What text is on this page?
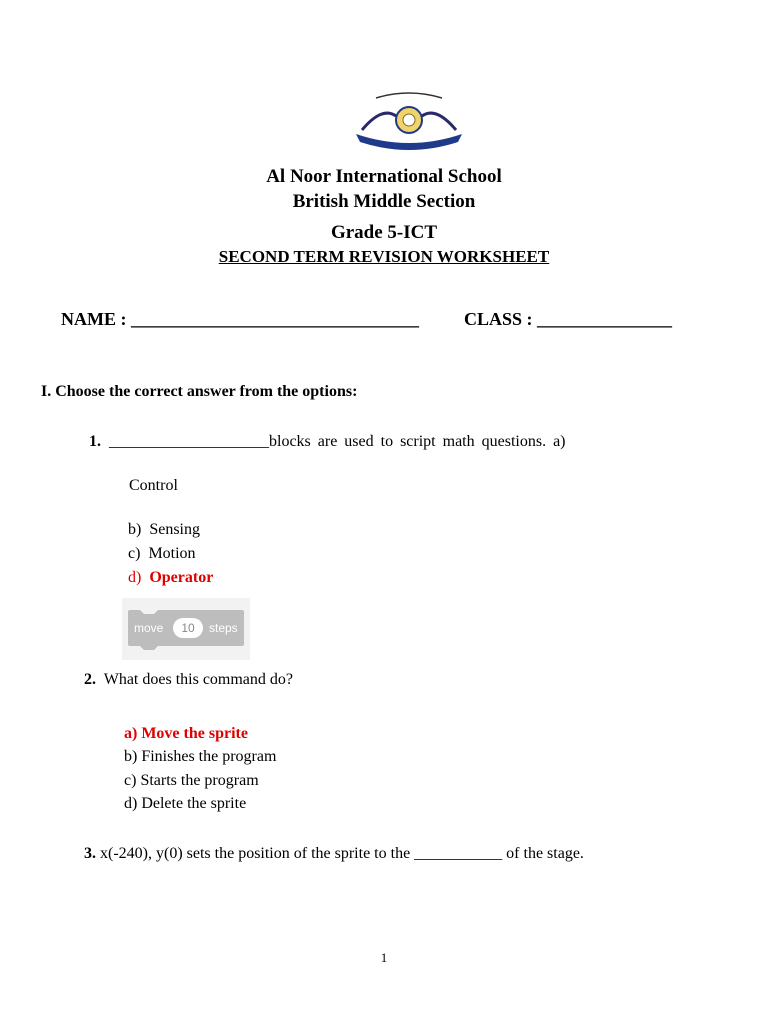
AL NOOR INTERNATIONAL SCHOOL
Al Noor International School
British Middle Section
Grade 5-ICT
SECOND TERM REVISION WORKSHEET
NAME : ________________________________	CLASS : _______________
I. Choose the correct answer from the options:
1. ____________________blocks are used to script math questions. a)
Control
b) Sensing
c) Motion
d) Operator
move	10	steps
2. What does this command do?
a) Move the sprite
b) Finishes the program
c) Starts the program
d) Delete the sprite
3. x(-240), y(0) sets the position of the sprite to the ___________ of the stage.
1
